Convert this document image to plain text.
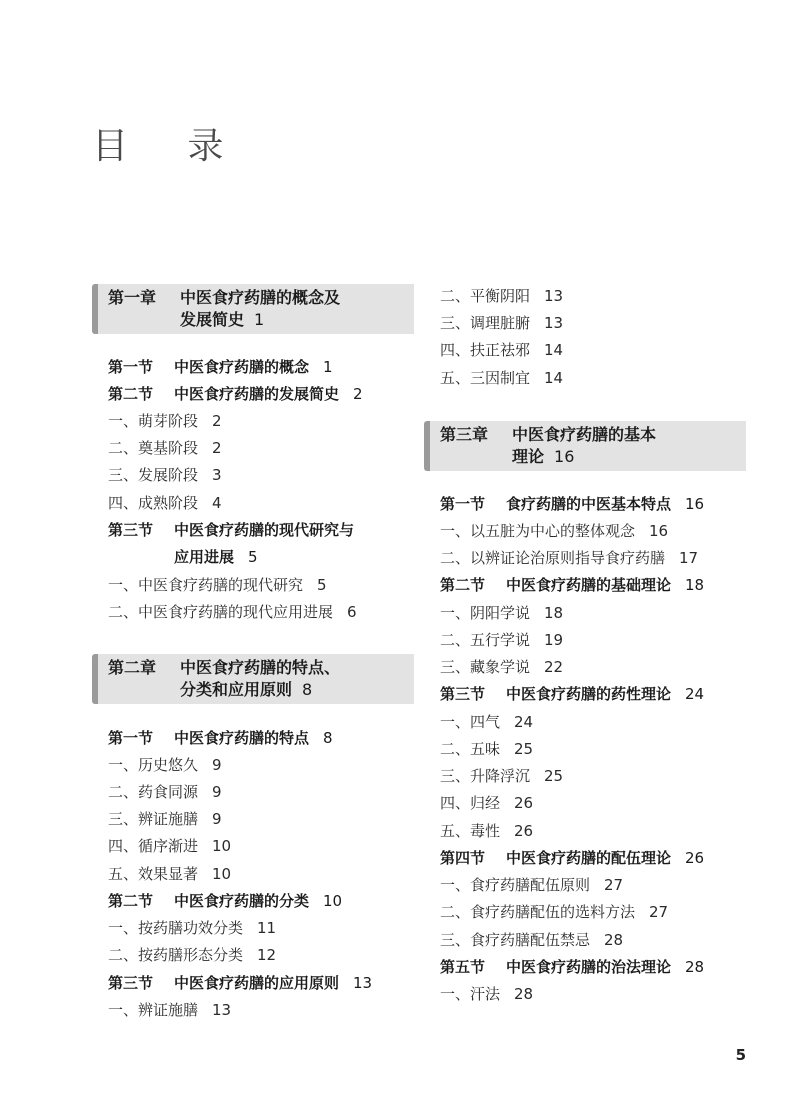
目 录
第一章 中医食疗药膳的概念及
发展简史 1
第一节 中医食疗药膳的概念 1
第二节 中医食疗药膳的发展简史 2
一、萌芽阶段 2
二、奠基阶段 2
三、发展阶段 3
四、成熟阶段 4
第三节 中医食疗药膳的现代研究与
应用进展 5
一、中医食疗药膳的现代研究 5
二、中医食疗药膳的现代应用进展 6
第二章 中医食疗药膳的特点、
分类和应用原则 8
第一节 中医食疗药膳的特点 8
一、历史悠久 9
二、药食同源 9
三、辨证施膳 9
四、循序渐进 10
五、效果显著 10
第二节 中医食疗药膳的分类 10
一、按药膳功效分类 11
二、按药膳形态分类 12
第三节 中医食疗药膳的应用原则 13
一、辨证施膳 13
二、平衡阴阳 13
三、调理脏腑 13
四、扶正祛邪 14
五、三因制宜 14
第三章 中医食疗药膳的基本
理论 16
第一节 食疗药膳的中医基本特点 16
一、以五脏为中心的整体观念 16
二、以辨证论治原则指导食疗药膳 17
第二节 中医食疗药膳的基础理论 18
一、阴阳学说 18
二、五行学说 19
三、藏象学说 22
第三节 中医食疗药膳的药性理论 24
一、四气 24
二、五味 25
三、升降浮沉 25
四、归经 26
五、毒性 26
第四节 中医食疗药膳的配伍理论 26
一、食疗药膳配伍原则 27
二、食疗药膳配伍的选料方法 27
三、食疗药膳配伍禁忌 28
第五节 中医食疗药膳的治法理论 28
一、汗法 28
5
